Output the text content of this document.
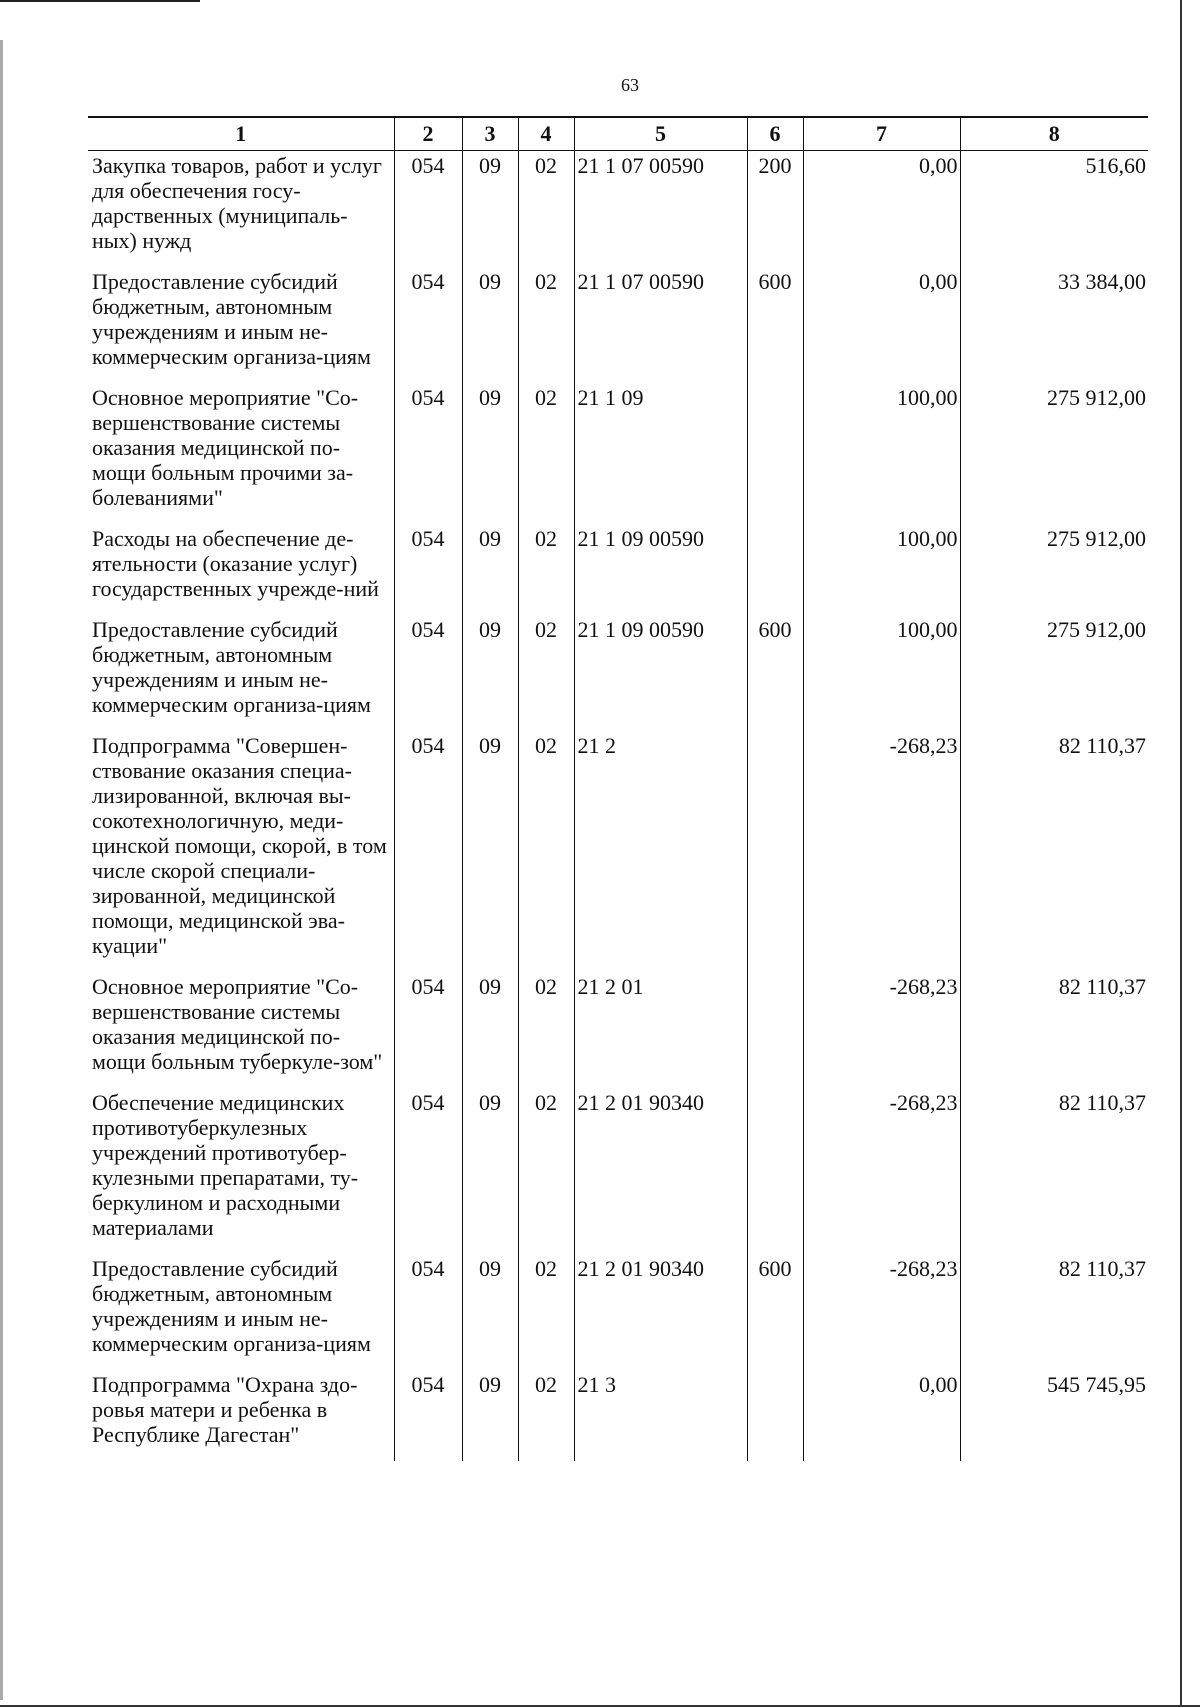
63
1	2	3	4	5	6	7	8
Закупка товаров, работ и услуг для обеспечения госу-дарственных (муниципаль-ных) нужд	054	09	02	21 1 07 00590	200	0,00	516,60
Предоставление субсидий бюджетным, автономным учреждениям и иным не-коммерческим организа-циям	054	09	02	21 1 07 00590	600	0,00	33 384,00
Основное мероприятие "Со-вершенствование системы оказания медицинской по-мощи больным прочими за-болеваниями"	054	09	02	21 1 09		100,00	275 912,00
Расходы на обеспечение де-ятельности (оказание услуг) государственных учрежде-ний	054	09	02	21 1 09 00590		100,00	275 912,00
Предоставление субсидий бюджетным, автономным учреждениям и иным не-коммерческим организа-циям	054	09	02	21 1 09 00590	600	100,00	275 912,00
Подпрограмма "Совершен-ствование оказания специа-лизированной, включая вы-сокотехнологичную, меди-цинской помощи, скорой, в том числе скорой специали-зированной, медицинской помощи, медицинской эва-куации"	054	09	02	21 2		-268,23	82 110,37
Основное мероприятие "Со-вершенствование системы оказания медицинской по-мощи больным туберкуле-зом"	054	09	02	21 2 01		-268,23	82 110,37
Обеспечение медицинских противотуберкулезных учреждений противотубер-кулезными препаратами, ту-беркулином и расходными материалами	054	09	02	21 2 01 90340		-268,23	82 110,37
Предоставление субсидий бюджетным, автономным учреждениям и иным не-коммерческим организа-циям	054	09	02	21 2 01 90340	600	-268,23	82 110,37
Подпрограмма "Охрана здо-ровья матери и ребенка в Республике Дагестан"	054	09	02	21 3		0,00	545 745,95
